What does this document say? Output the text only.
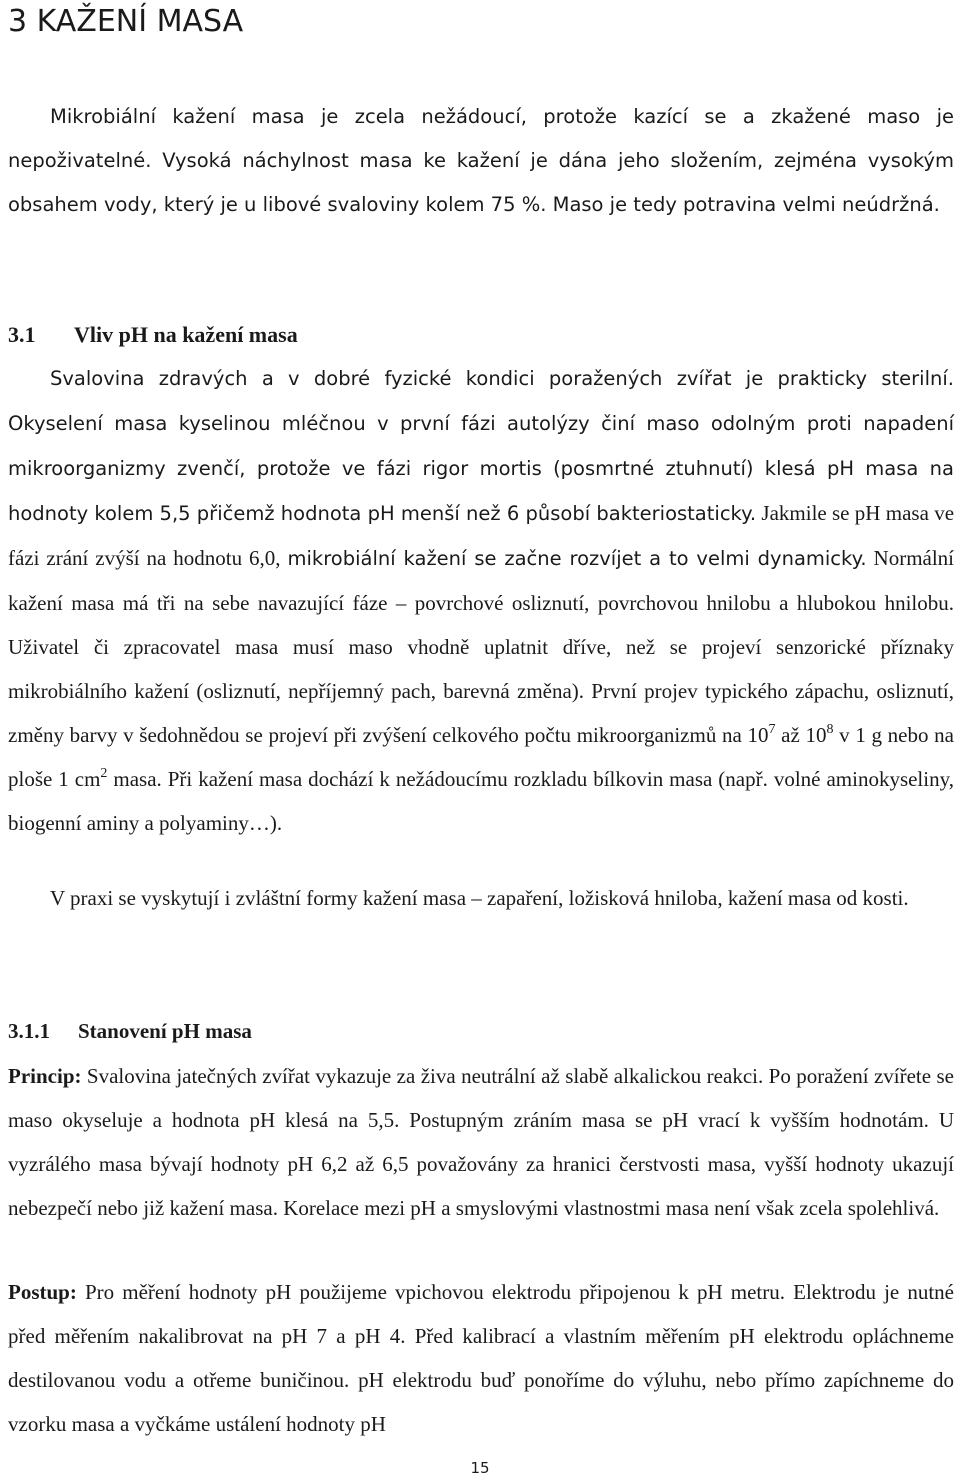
3 KAŽENÍ MASA

Mikrobiální kažení masa je zcela nežádoucí, protože kazící se a zkažené maso je nepoživatelné. Vysoká náchylnost masa ke kažení je dána jeho složením, zejména vysokým obsahem vody, který je u libové svaloviny kolem 75 %. Maso je tedy potravina velmi neúdržná.

3.1 Vliv pH na kažení masa

Svalovina zdravých a v dobré fyzické kondici poražených zvířat je prakticky sterilní. Okyselení masa kyselinou mléčnou v první fázi autolýzy činí maso odolným proti napadení mikroorganizmy zvenčí, protože ve fázi rigor mortis (posmrtné ztuhnutí) klesá pH masa na hodnoty kolem 5,5 přičemž hodnota pH menší než 6 působí bakteriostaticky. Jakmile se pH masa ve fázi zrání zvýší na hodnotu 6,0, mikrobiální kažení se začne rozvíjet a to velmi dynamicky. Normální kažení masa má tři na sebe navazující fáze – povrchové osliznutí, povrchovou hnilobu a hlubokou hnilobu. Uživatel či zpracovatel masa musí maso vhodně uplatnit dříve, než se projeví senzorické příznaky mikrobiálního kažení (osliznutí, nepříjemný pach, barevná změna). První projev typického zápachu, osliznutí, změny barvy v šedohnědou se projeví při zvýšení celkového počtu mikroorganizmů na $10^7$ až $10^8$ v 1 g nebo na ploše 1 $cm^2$ masa. Při kažení masa dochází k nežádoucímu rozkladu bílkovin masa (např. volné aminokyseliny, biogenní aminy a polyaminy…).

V praxi se vyskytují i zvláštní formy kažení masa – zapaření, ložisková hniloba, kažení masa od kosti.

3.1.1 Stanovení pH masa

Princip: Svalovina jatečných zvířat vykazuje za živa neutrální až slabě alkalickou reakci. Po poražení zvířete se maso okyseluje a hodnota pH klesá na 5,5. Postupným zráním masa se pH vrací k vyšším hodnotám. U vyzrálého masa bývají hodnoty pH 6,2 až 6,5 považovány za hranici čerstvosti masa, vyšší hodnoty ukazují nebezpečí nebo již kažení masa. Korelace mezi pH a smyslovými vlastnostmi masa není však zcela spolehlivá.

Postup: Pro měření hodnoty pH použijeme vpichovou elektrodu připojenou k pH metru. Elektrodu je nutné před měřením nakalibrovat na pH 7 a pH 4. Před kalibrací a vlastním měřením pH elektrodu opláchneme destilovanou vodu a otřeme buničinou. pH elektrodu buď ponoříme do výluhu, nebo přímo zapíchneme do vzorku masa a vyčkáme ustálení hodnoty pH

15
